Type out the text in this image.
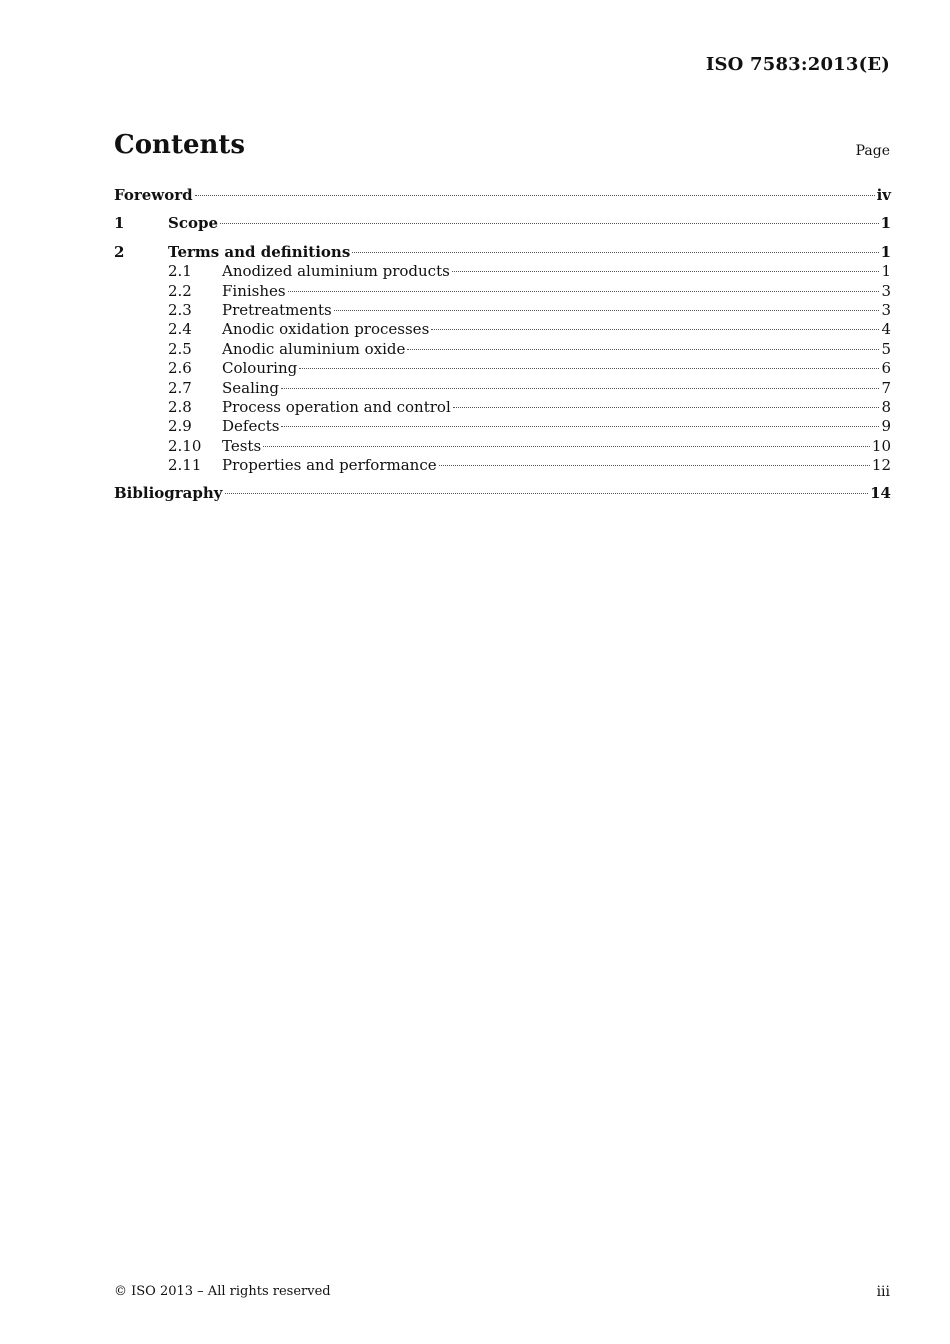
ISO 7583:2013(E)
Contents	Page
Foreword	iv
1	Scope	1
2	Terms and definitions	1
2.1	Anodized aluminium products	1
2.2	Finishes	3
2.3	Pretreatments	3
2.4	Anodic oxidation processes	4
2.5	Anodic aluminium oxide	5
2.6	Colouring	6
2.7	Sealing	7
2.8	Process operation and control	8
2.9	Defects	9
2.10	Tests	10
2.11	Properties and performance	12
Bibliography	14
© ISO 2013 – All rights reserved	iii
